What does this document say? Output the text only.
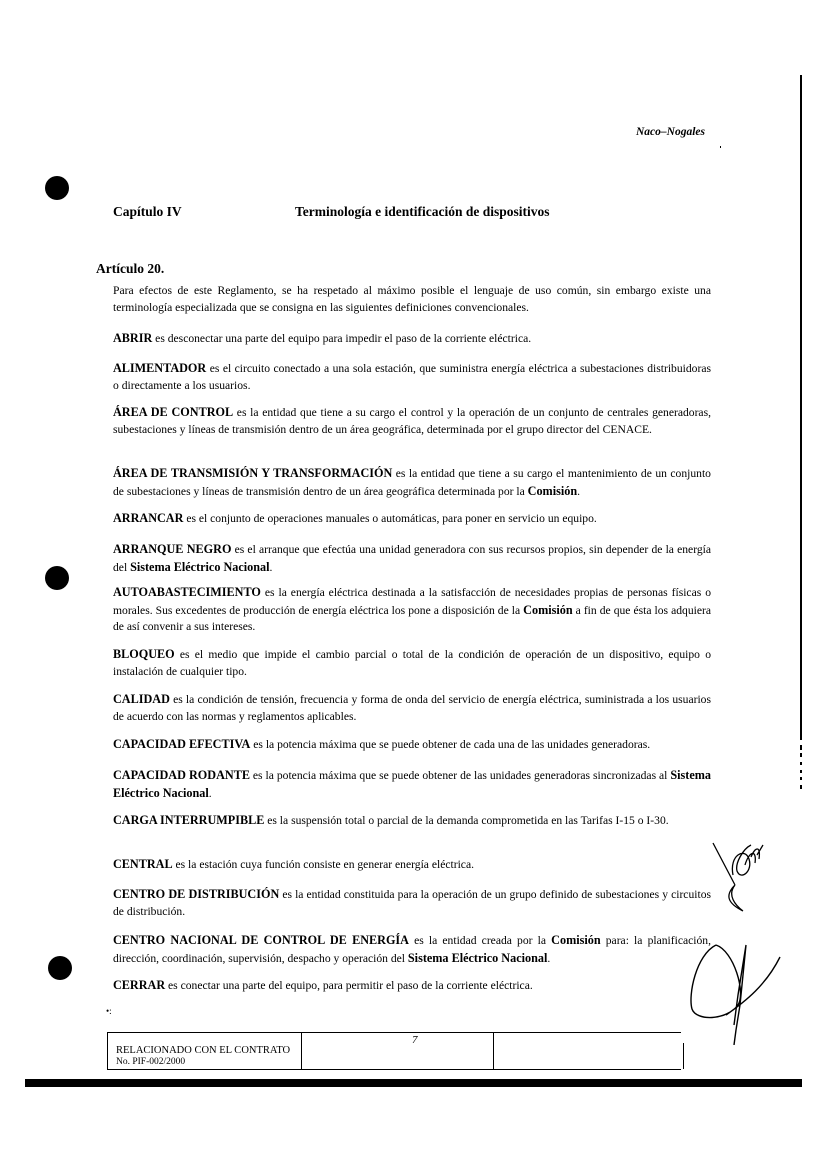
Naco–Nogales
Capítulo IV	Terminología e identificación de dispositivos
Artículo 20.
Para efectos de este Reglamento, se ha respetado al máximo posible el lenguaje de uso común, sin embargo existe una terminología especializada que se consigna en las siguientes definiciones convencionales.
ABRIR es desconectar una parte del equipo para impedir el paso de la corriente eléctrica.
ALIMENTADOR es el circuito conectado a una sola estación, que suministra energía eléctrica a subestaciones distribuidoras o directamente a los usuarios.
ÁREA DE CONTROL es la entidad que tiene a su cargo el control y la operación de un conjunto de centrales generadoras, subestaciones y líneas de transmisión dentro de un área geográfica, determinada por el grupo director del CENACE.
ÁREA DE TRANSMISIÓN Y TRANSFORMACIÓN es la entidad que tiene a su cargo el mantenimiento de un conjunto de subestaciones y líneas de transmisión dentro de un área geográfica determinada por la Comisión.
ARRANCAR es el conjunto de operaciones manuales o automáticas, para poner en servicio un equipo.
ARRANQUE NEGRO es el arranque que efectúa una unidad generadora con sus recursos propios, sin depender de la energía del Sistema Eléctrico Nacional.
AUTOABASTECIMIENTO es la energía eléctrica destinada a la satisfacción de necesidades propias de personas físicas o morales. Sus excedentes de producción de energía eléctrica los pone a disposición de la Comisión a fin de que ésta los adquiera de así convenir a sus intereses.
BLOQUEO es el medio que impide el cambio parcial o total de la condición de operación de un dispositivo, equipo o instalación de cualquier tipo.
CALIDAD es la condición de tensión, frecuencia y forma de onda del servicio de energía eléctrica, suministrada a los usuarios de acuerdo con las normas y reglamentos aplicables.
CAPACIDAD EFECTIVA es la potencia máxima que se puede obtener de cada una de las unidades generadoras.
CAPACIDAD RODANTE es la potencia máxima que se puede obtener de las unidades generadoras sincronizadas al Sistema Eléctrico Nacional.
CARGA INTERRUMPIBLE es la suspensión total o parcial de la demanda comprometida en las Tarifas I-15 o I-30.
CENTRAL es la estación cuya función consiste en generar energía eléctrica.
CENTRO DE DISTRIBUCIÓN es la entidad constituida para la operación de un grupo definido de subestaciones y circuitos de distribución.
CENTRO NACIONAL DE CONTROL DE ENERGÍA es la entidad creada por la Comisión para: la planificación, dirección, coordinación, supervisión, despacho y operación del Sistema Eléctrico Nacional.
CERRAR es conectar una parte del equipo, para permitir el paso de la corriente eléctrica.
•:
RELACIONADO CON EL CONTRATO
No. PIF-002/2000
7
